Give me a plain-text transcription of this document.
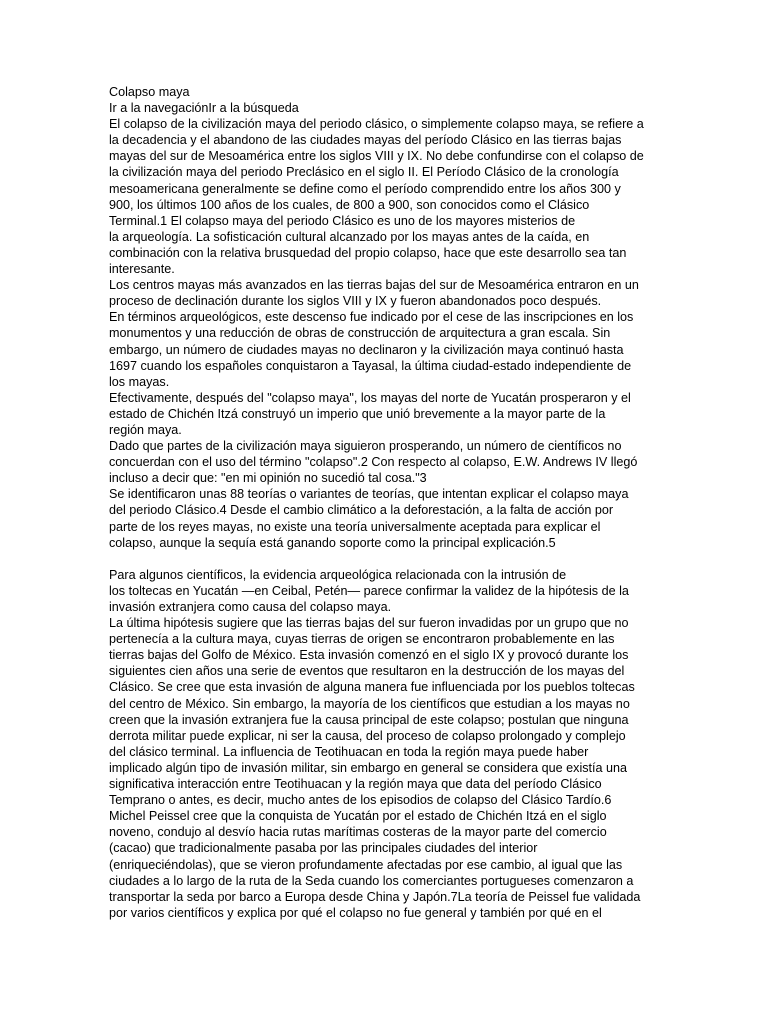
Colapso maya
Ir a la navegaciónIr a la búsqueda
El colapso de la civilización maya del periodo clásico, o simplemente colapso maya, se refiere a
la decadencia y el abandono de las ciudades mayas del período Clásico en las tierras bajas
mayas del sur de Mesoamérica entre los siglos VIII y IX. No debe confundirse con el colapso de
la civilización maya del periodo Preclásico en el siglo II. El Período Clásico de la cronología
mesoamericana generalmente se define como el período comprendido entre los años 300 y
900, los últimos 100 años de los cuales, de 800 a 900, son conocidos como el Clásico
Terminal.1 El colapso maya del periodo Clásico es uno de los mayores misterios de
la arqueología. La sofisticación cultural alcanzado por los mayas antes de la caída, en
combinación con la relativa brusquedad del propio colapso, hace que este desarrollo sea tan
interesante.
Los centros mayas más avanzados en las tierras bajas del sur de Mesoamérica entraron en un
proceso de declinación durante los siglos VIII y IX y fueron abandonados poco después.
En términos arqueológicos, este descenso fue indicado por el cese de las inscripciones en los
monumentos y una reducción de obras de construcción de arquitectura a gran escala. Sin
embargo, un número de ciudades mayas no declinaron y la civilización maya continuó hasta
1697 cuando los españoles conquistaron a Tayasal, la última ciudad-estado independiente de
los mayas.
Efectivamente, después del "colapso maya", los mayas del norte de Yucatán prosperaron y el
estado de Chichén Itzá construyó un imperio que unió brevemente a la mayor parte de la
región maya.
Dado que partes de la civilización maya siguieron prosperando, un número de científicos no
concuerdan con el uso del término "colapso".2 Con respecto al colapso, E.W. Andrews IV llegó
incluso a decir que: "en mi opinión no sucedió tal cosa."3
Se identificaron unas 88 teorías o variantes de teorías, que intentan explicar el colapso maya
del periodo Clásico.4 Desde el cambio climático a la deforestación, a la falta de acción por
parte de los reyes mayas, no existe una teoría universalmente aceptada para explicar el
colapso, aunque la sequía está ganando soporte como la principal explicación.5
Para algunos científicos, la evidencia arqueológica relacionada con la intrusión de
los toltecas en Yucatán —en Ceibal, Petén— parece confirmar la validez de la hipótesis de la
invasión extranjera como causa del colapso maya.
La última hipótesis sugiere que las tierras bajas del sur fueron invadidas por un grupo que no
pertenecía a la cultura maya, cuyas tierras de origen se encontraron probablemente en las
tierras bajas del Golfo de México. Esta invasión comenzó en el siglo IX y provocó durante los
siguientes cien años una serie de eventos que resultaron en la destrucción de los mayas del
Clásico. Se cree que esta invasión de alguna manera fue influenciada por los pueblos toltecas
del centro de México. Sin embargo, la mayoría de los científicos que estudian a los mayas no
creen que la invasión extranjera fue la causa principal de este colapso; postulan que ninguna
derrota militar puede explicar, ni ser la causa, del proceso de colapso prolongado y complejo
del clásico terminal. La influencia de Teotihuacan en toda la región maya puede haber
implicado algún tipo de invasión militar, sin embargo en general se considera que existía una
significativa interacción entre Teotihuacan y la región maya que data del período Clásico
Temprano o antes, es decir, mucho antes de los episodios de colapso del Clásico Tardío.6
Michel Peissel cree que la conquista de Yucatán por el estado de Chichén Itzá en el siglo
noveno, condujo al desvío hacia rutas marítimas costeras de la mayor parte del comercio
(cacao) que tradicionalmente pasaba por las principales ciudades del interior
(enriqueciéndolas), que se vieron profundamente afectadas por ese cambio, al igual que las
ciudades a lo largo de la ruta de la Seda cuando los comerciantes portugueses comenzaron a
transportar la seda por barco a Europa desde China y Japón.7La teoría de Peissel fue validada
por varios científicos y explica por qué el colapso no fue general y también por qué en el
